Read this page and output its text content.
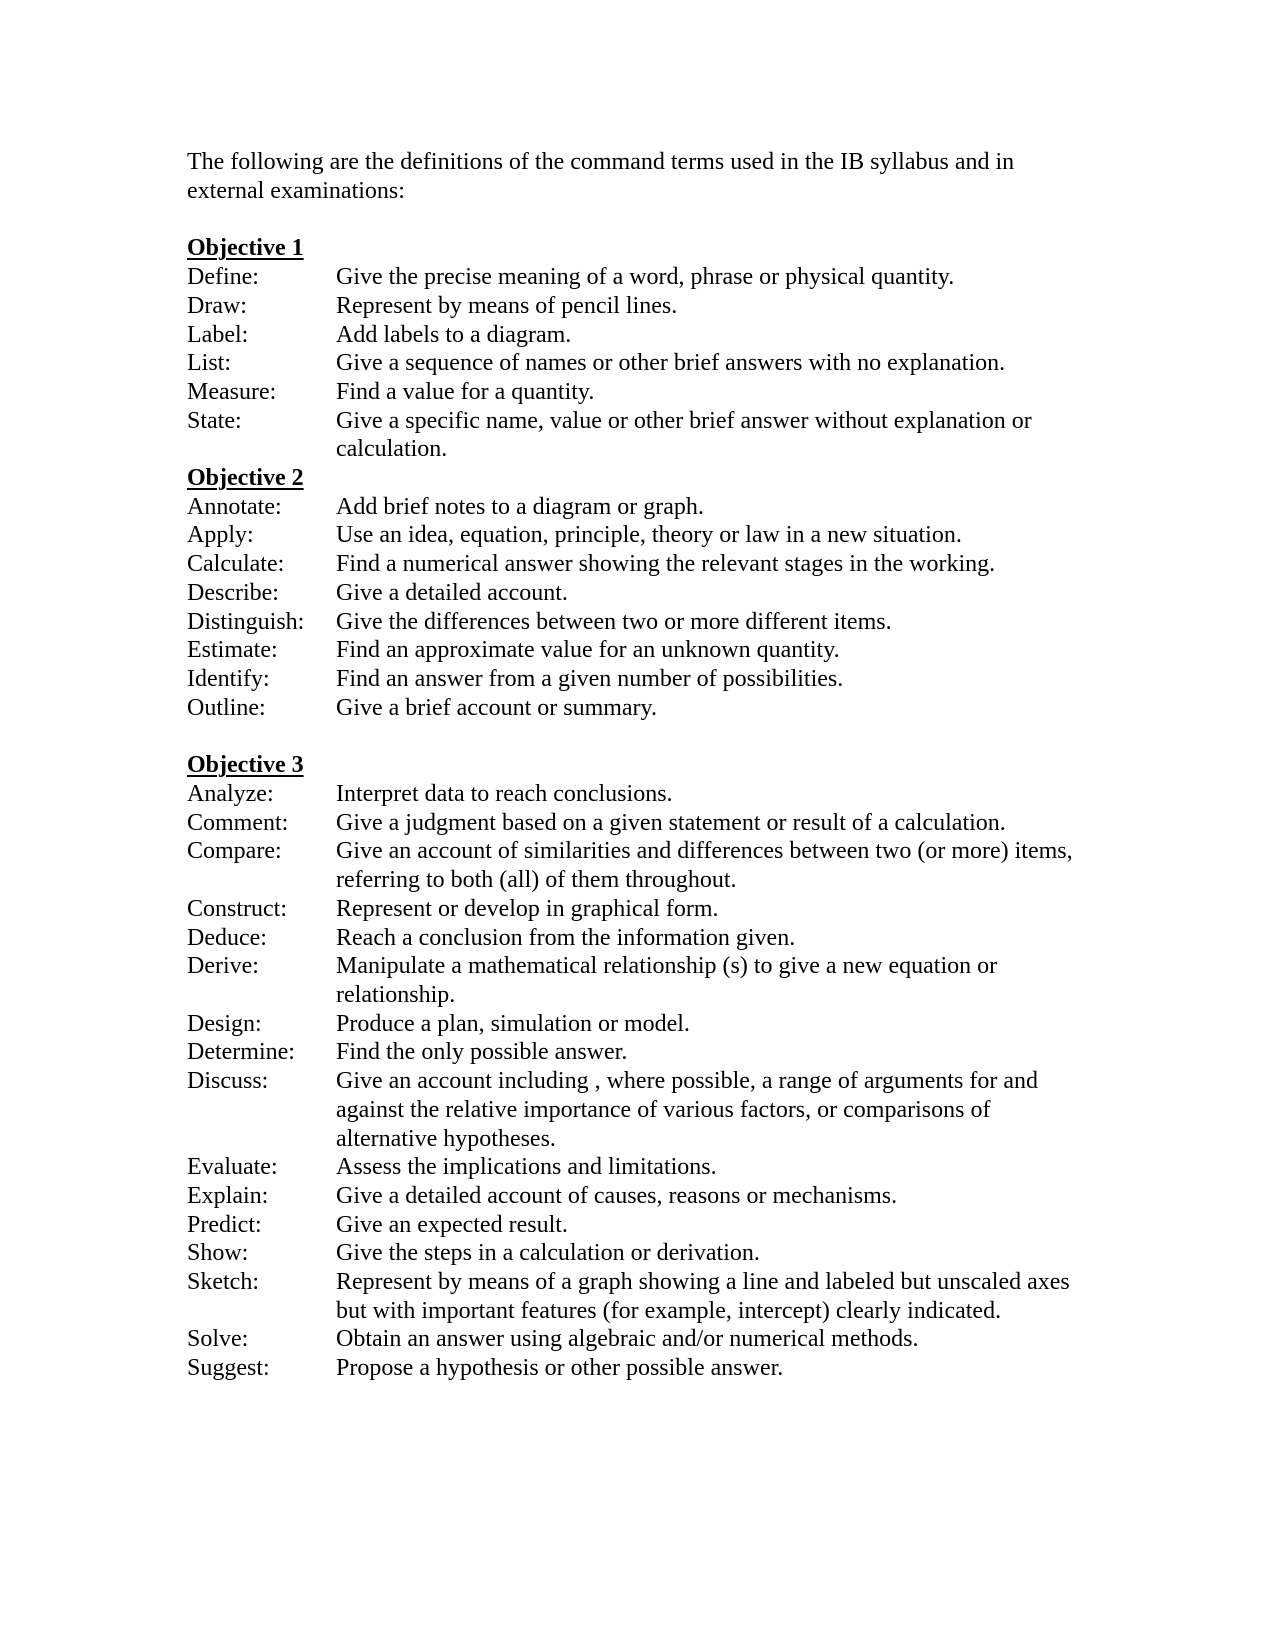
The following are the definitions of the command terms used in the IB syllabus and in external examinations:

Objective 1
Define:	Give the precise meaning of a word, phrase or physical quantity.
Draw:	Represent by means of pencil lines.
Label:	Add labels to a diagram.
List:	Give a sequence of names or other brief answers with no explanation.
Measure:	Find a value for a quantity.
State:	Give a specific name, value or other brief answer without explanation or calculation.
Objective 2
Annotate:	Add brief notes to a diagram or graph.
Apply:	Use an idea, equation, principle, theory or law in a new situation.
Calculate:	Find a numerical answer showing the relevant stages in the working.
Describe:	Give a detailed account.
Distinguish:	Give the differences between two or more different items.
Estimate:	Find an approximate value for an unknown quantity.
Identify:	Find an answer from a given number of possibilities.
Outline:	Give a brief account or summary.
Objective 3
Analyze:	Interpret data to reach conclusions.
Comment:	Give a judgment based on a given statement or result of a calculation.
Compare:	Give an account of similarities and differences between two (or more) items, referring to both (all) of them throughout.
Construct:	Represent or develop in graphical form.
Deduce:	Reach a conclusion from the information given.
Derive:	Manipulate a mathematical relationship (s) to give a new equation or relationship.
Design:	Produce a plan, simulation or model.
Determine:	Find the only possible answer.
Discuss:	Give an account including , where possible, a range of arguments for and against the relative importance of various factors, or comparisons of alternative hypotheses.
Evaluate:	Assess the implications and limitations.
Explain:	Give a detailed account of causes, reasons or mechanisms.
Predict:	Give an expected result.
Show:	Give the steps in a calculation or derivation.
Sketch:	Represent by means of a graph showing a line and labeled but unscaled axes but with important features (for example, intercept) clearly indicated.
Solve:	Obtain an answer using algebraic and/or numerical methods.
Suggest:	Propose a hypothesis or other possible answer.
